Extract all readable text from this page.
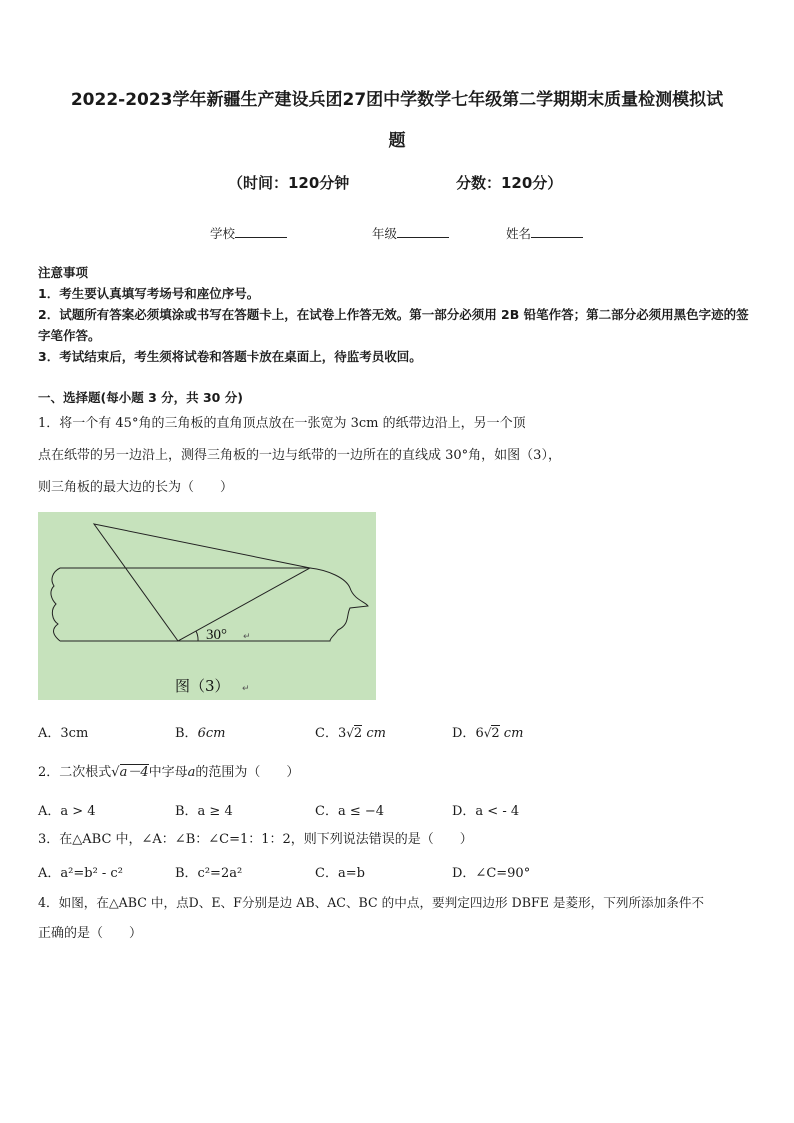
2022-2023学年新疆生产建设兵团27团中学数学七年级第二学期期末质量检测模拟试
题
（时间：120分钟	分数：120分）
学校	年级	姓名
注意事项
1．考生要认真填写考场号和座位序号。
2．试题所有答案必须填涂或书写在答题卡上，在试卷上作答无效。第一部分必须用 2B 铅笔作答；第二部分必须用黑色字迹的签字笔作答。
3．考试结束后，考生须将试卷和答题卡放在桌面上，待监考员收回。
一、选择题(每小题 3 分，共 30 分)
1．将一个有 45°角的三角板的直角顶点放在一张宽为 3cm 的纸带边沿上，另一个顶
点在纸带的另一边沿上，测得三角板的一边与纸带的一边所在的直线成 30°角，如图（3），
则三角板的最大边的长为（　　）
30° ↵
图（3） ↵
A．3cm	B．6cm	C．3√2 cm	D．6√2 cm
2．二次根式√a－4中字母a的范围为（　　）
A．a > 4	B．a ≥ 4	C．a ≤ −4	D．a < - 4
3．在△ABC 中，∠A：∠B：∠C=1：1：2，则下列说法错误的是（　　）
A．a²=b² - c²	B．c²=2a²	C．a=b	D．∠C=90°
4．如图，在△ABC 中，点D、E、F分别是边 AB、AC、BC 的中点，要判定四边形 DBFE 是菱形，下列所添加条件不
正确的是（　　）
